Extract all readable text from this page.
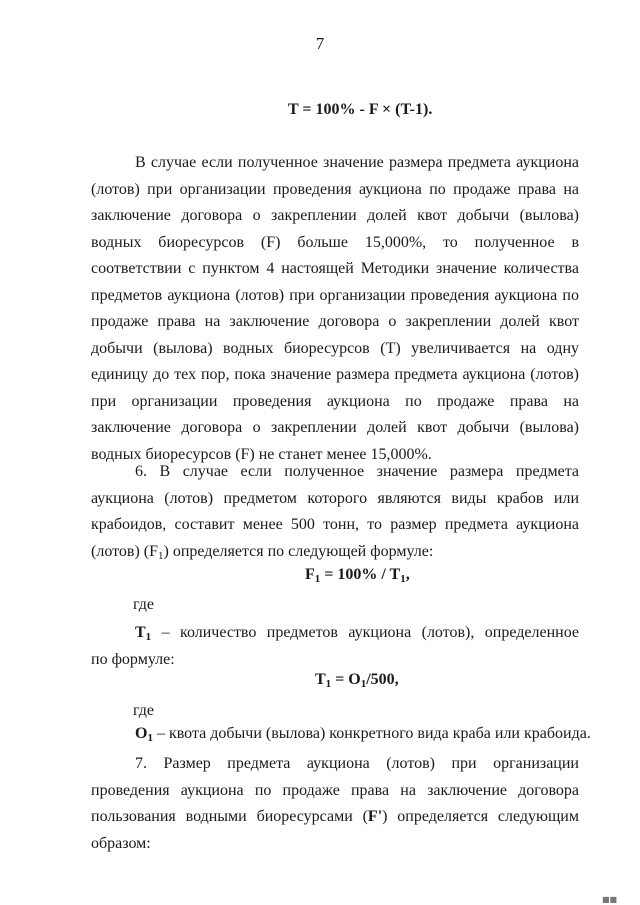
7
T = 100% - F × (T-1).

В случае если полученное значение размера предмета аукциона (лотов) при организации проведения аукциона по продаже права на заключение договора о закреплении долей квот добычи (вылова) водных биоресурсов (F) больше 15,000%, то полученное в соответствии с пунктом 4 настоящей Методики значение количества предметов аукциона (лотов) при организации проведения аукциона по продаже права на заключение договора о закреплении долей квот добычи (вылова) водных биоресурсов (Т) увеличивается на одну единицу до тех пор, пока значение размера предмета аукциона (лотов) при организации проведения аукциона по продаже права на заключение договора о закреплении долей квот добычи (вылова) водных биоресурсов (F) не станет менее 15,000%.

6. В случае если полученное значение размера предмета аукциона (лотов) предметом которого являются виды крабов или крабоидов, составит менее 500 тонн, то размер предмета аукциона (лотов) $(F_1)$ определяется по следующей формуле:

$F_1 = 100\% / T_1$,
где
$T_1$ – количество предметов аукциона (лотов), определенное
по формуле:
$T_1 = O_1/500$,
где
$O_1$ – квота добычи (вылова) конкретного вида краба или крабоида.

7. Размер предмета аукциона (лотов) при организации проведения аукциона по продаже права на заключение договора пользования водными биоресурсами (F') определяется следующим образом:

■■
